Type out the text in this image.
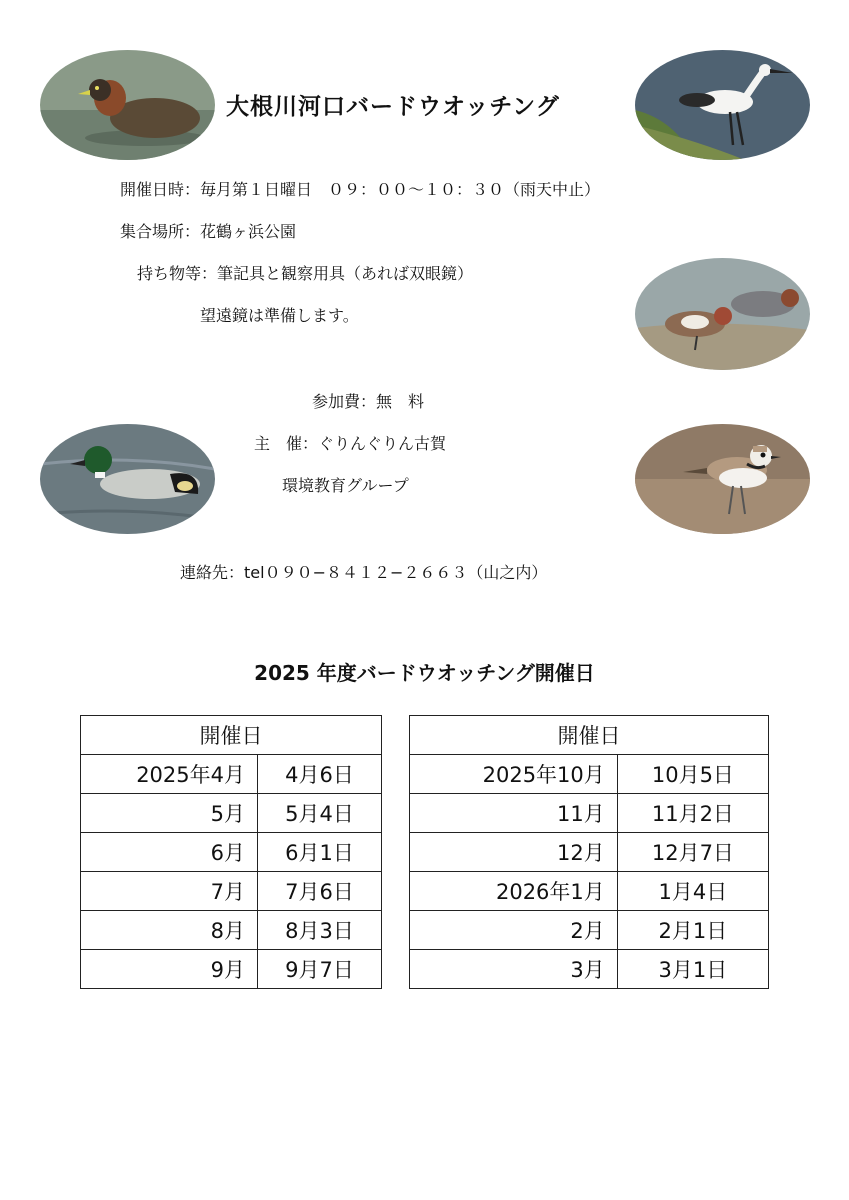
大根川河口バードウオッチング
開催日時：毎月第１日曜日　０９：００〜１０：３０（雨天中止）
集合場所：花鶴ヶ浜公園
持ち物等：筆記具と観察用具（あれば双眼鏡）
望遠鏡は準備します。
参加費：無　料
主　催：ぐりんぐりん古賀
環境教育グループ
連絡先：tel０９０−８４１２−２６６３（山之内）
2025 年度バードウオッチング開催日
開催日	
2025年4月	4月6日
5月	5月4日
6月	6月1日
7月	7月6日
8月	8月3日
9月	9月7日
開催日	
2025年10月	10月5日
11月	11月2日
12月	12月7日
2026年1月	1月4日
2月	2月1日
3月	3月1日
